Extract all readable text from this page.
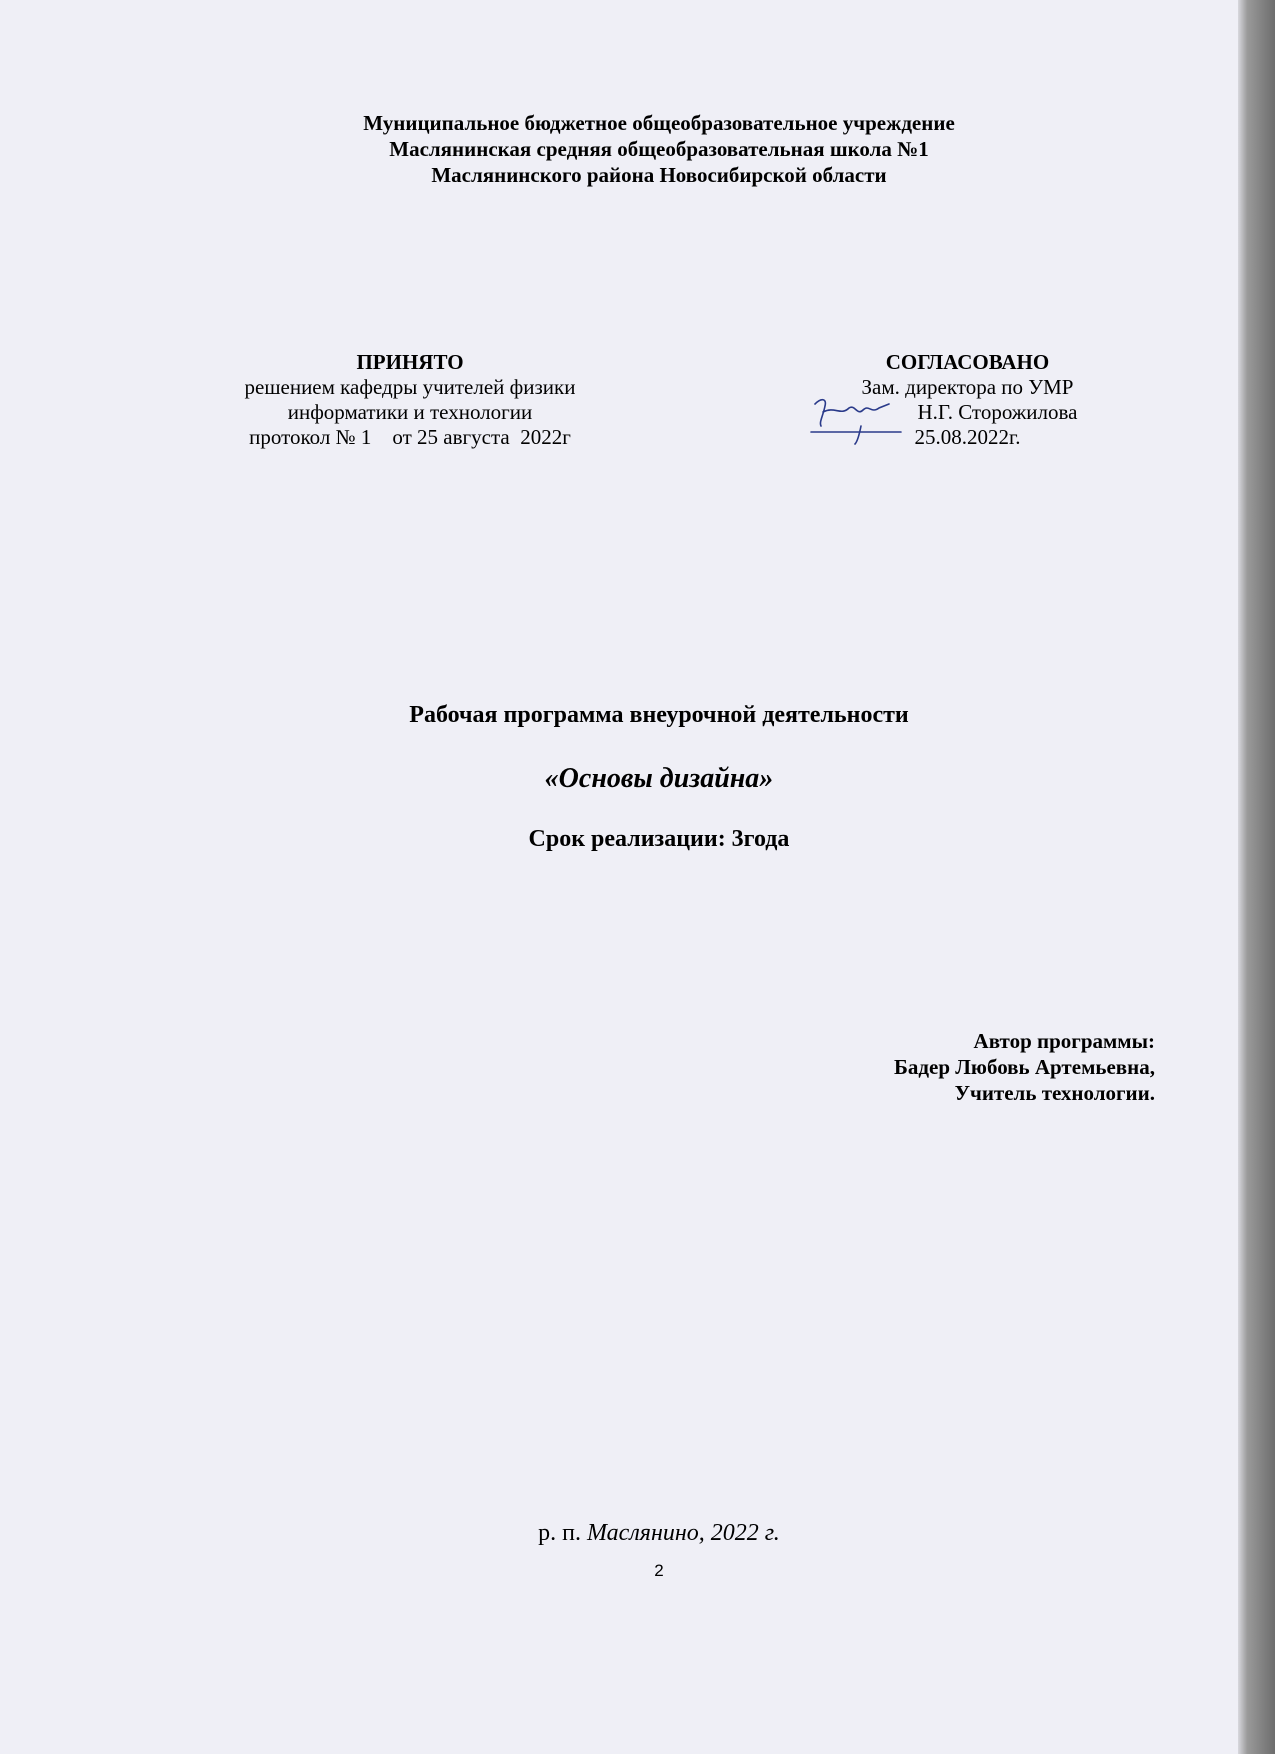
Муниципальное бюджетное общеобразовательное учреждение
Маслянинская средняя общеобразовательная школа №1
Маслянинского района Новосибирской области
ПРИНЯТО
решением кафедры учителей физики
информатики и технологии
протокол № 1    от 25 августа  2022г
СОГЛАСОВАНО
Зам. директора по УМР
Н.Г. Сторожилова
25.08.2022г.

Рабочая программа внеурочной деятельности

«Основы дизайна»

Срок реализации: 3года

Автор программы:
Бадер Любовь Артемьевна,
Учитель технологии.
р. п. Маслянино, 2022 г.
2
